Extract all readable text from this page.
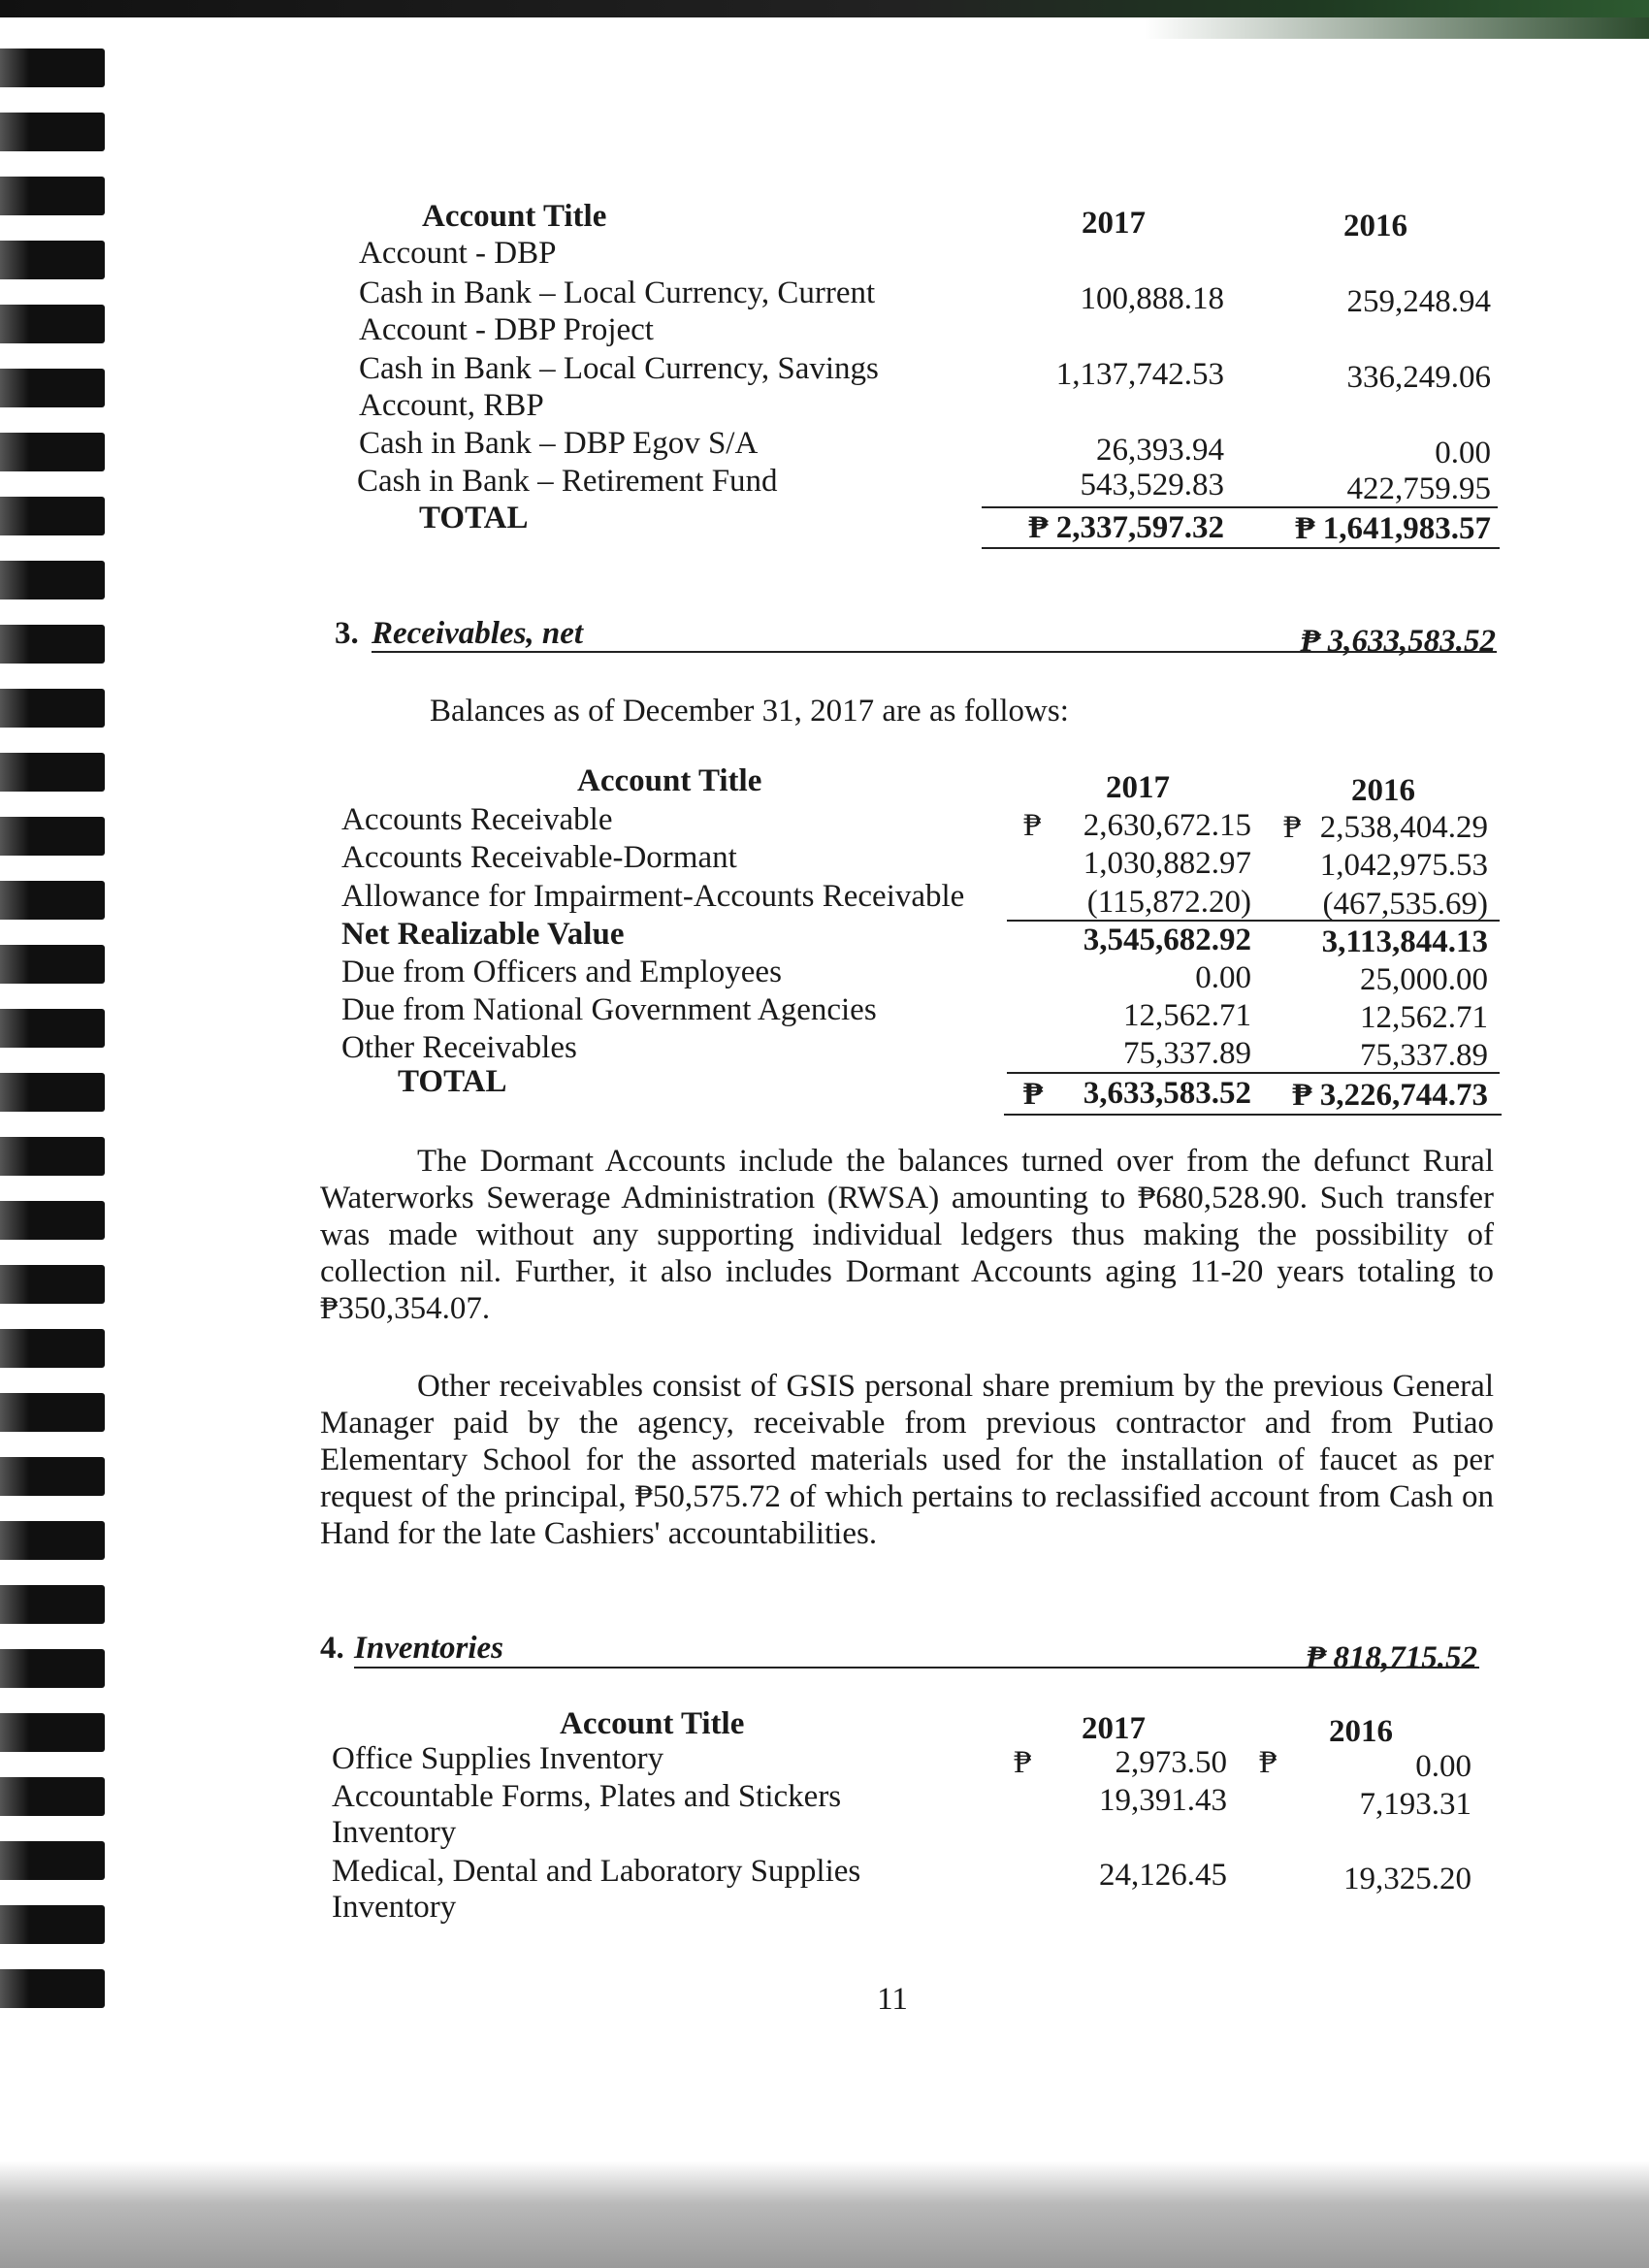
Account Title	2017	2016
Account - DBP
Cash in Bank – Local Currency, Current	100,888.18	259,248.94
Account - DBP Project
Cash in Bank – Local Currency, Savings	1,137,742.53	336,249.06
Account, RBP
Cash in Bank – DBP Egov S/A	26,393.94	0.00
Cash in Bank – Retirement Fund	543,529.83	422,759.95
TOTAL	₱ 2,337,597.32	₱ 1,641,983.57
3. Receivables, net	₱ 3,633,583.52
Balances as of December 31, 2017 are as follows:
Account Title	2017	2016
Accounts Receivable	₱	2,630,672.15 ₱ 2,538,404.29
Accounts Receivable-Dormant	1,030,882.97	1,042,975.53
Allowance for Impairment-Accounts Receivable	(115,872.20)	(467,535.69)
Net Realizable Value	3,545,682.92	3,113,844.13
Due from Officers and Employees	0.00	25,000.00
Due from National Government Agencies	12,562.71	12,562.71
Other Receivables	75,337.89	75,337.89
TOTAL	₱	3,633,583.52	₱ 3,226,744.73
The Dormant Accounts include the balances turned over from the defunct Rural Waterworks Sewerage Administration (RWSA) amounting to ₱680,528.90. Such transfer was made without any supporting individual ledgers thus making the possibility of collection nil. Further, it also includes Dormant Accounts aging 11-20 years totaling to ₱350,354.07.
Other receivables consist of GSIS personal share premium by the previous General Manager paid by the agency, receivable from previous contractor and from Putiao Elementary School for the assorted materials used for the installation of faucet as per request of the principal, ₱50,575.72 of which pertains to reclassified account from Cash on Hand for the late Cashiers' accountabilities.
4. Inventories	₱ 818,715.52
Account Title	2017	2016
Office Supplies Inventory	₱	2,973.50 ₱	0.00
Accountable Forms, Plates and Stickers	19,391.43	7,193.31
Inventory
Medical, Dental and Laboratory Supplies	24,126.45	19,325.20
Inventory
11
